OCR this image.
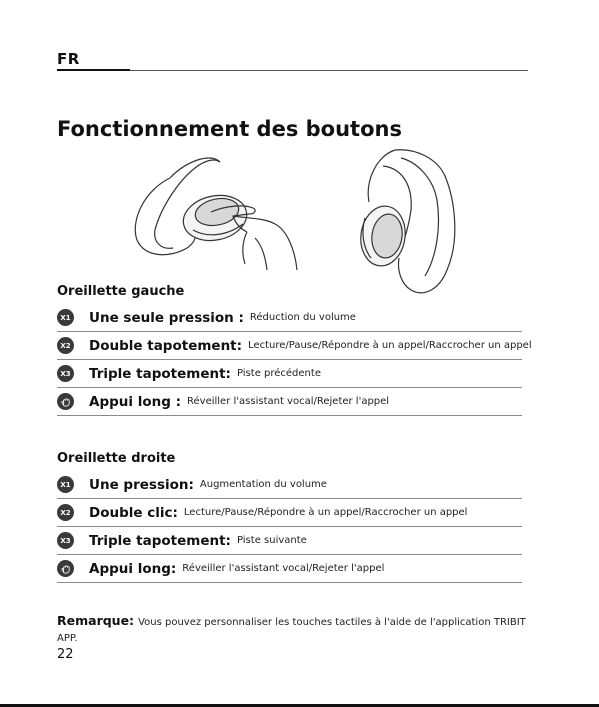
FR
Fonctionnement des boutons
Oreillette gauche
X1 Une seule pression : Réduction du volume
X2 Double tapotement: Lecture/Pause/Répondre à un appel/Raccrocher un appel
X3 Triple tapotement: Piste précédente
Appui long : Réveiller l'assistant vocal/Rejeter l'appel
Oreillette droite
X1 Une pression: Augmentation du volume
X2 Double clic: Lecture/Pause/Répondre à un appel/Raccrocher un appel
X3 Triple tapotement: Piste suivante
Appui long: Réveiller l'assistant vocal/Rejeter l'appel
Remarque: Vous pouvez personnaliser les touches tactiles à l'aide de l'application TRIBIT APP.
22
